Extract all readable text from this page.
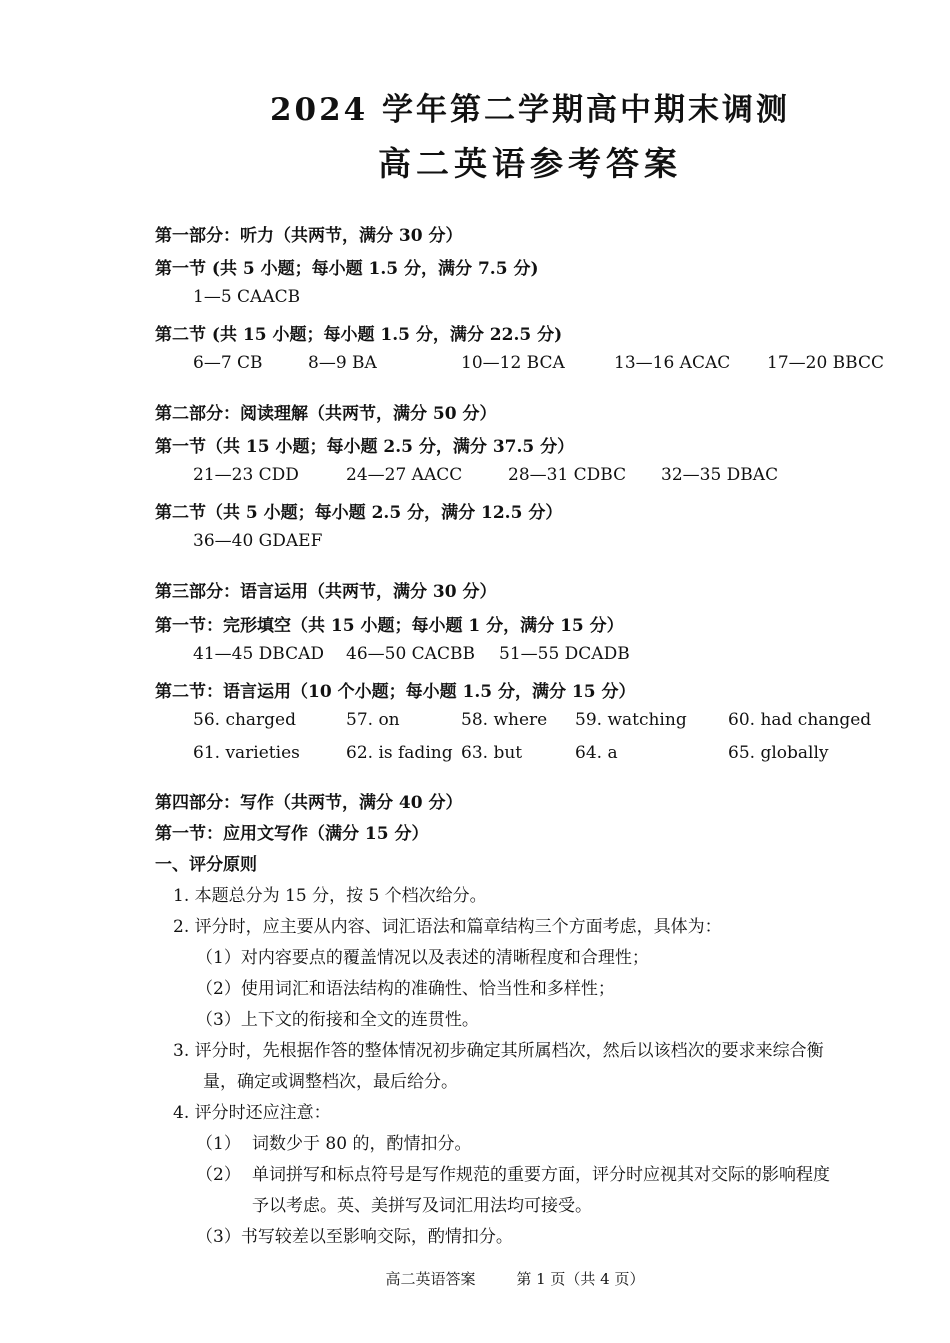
2024 学年第二学期高中期末调测
高二英语参考答案
第一部分：听力（共两节，满分 30 分）
第一节 (共 5 小题；每小题 1.5 分，满分 7.5 分)
1—5 CAACB
第二节 (共 15 小题；每小题 1.5 分，满分 22.5 分)
6—7 CB	8—9 BA	10—12 BCA	13—16 ACAC 17—20 BBCC
第二部分：阅读理解（共两节，满分 50 分）
第一节（共 15 小题；每小题 2.5 分，满分 37.5 分）
21—23 CDD	24—27 AACC	28—31 CDBC 32—35 DBAC
第二节（共 5 小题；每小题 2.5 分，满分 12.5 分）
36—40 GDAEF
第三部分：语言运用（共两节，满分 30 分）
第一节：完形填空（共 15 小题；每小题 1 分，满分 15 分）
41—45 DBCAD 46—50 CACBB 51—55 DCADB
第二节：语言运用（10 个小题；每小题 1.5 分，满分 15 分）
56. charged	57. on	58. where 59. watching 60. had changed
61. varieties	62. is fading 63. but	64. a	65. globally
第四部分：写作（共两节，满分 40 分）
第一节：应用文写作（满分 15 分）
一、评分原则
1. 本题总分为 15 分，按 5 个档次给分。
2. 评分时，应主要从内容、词汇语法和篇章结构三个方面考虑，具体为：
（1）对内容要点的覆盖情况以及表述的清晰程度和合理性；
（2）使用词汇和语法结构的准确性、恰当性和多样性；
（3）上下文的衔接和全文的连贯性。
3. 评分时，先根据作答的整体情况初步确定其所属档次，然后以该档次的要求来综合衡
量，确定或调整档次，最后给分。
4. 评分时还应注意：
（1） 词数少于 80 的，酌情扣分。
（2） 单词拼写和标点符号是写作规范的重要方面，评分时应视其对交际的影响程度
予以考虑。英、美拼写及词汇用法均可接受。
（3）书写较差以至影响交际，酌情扣分。
高二英语答案	第 1 页（共 4 页）
